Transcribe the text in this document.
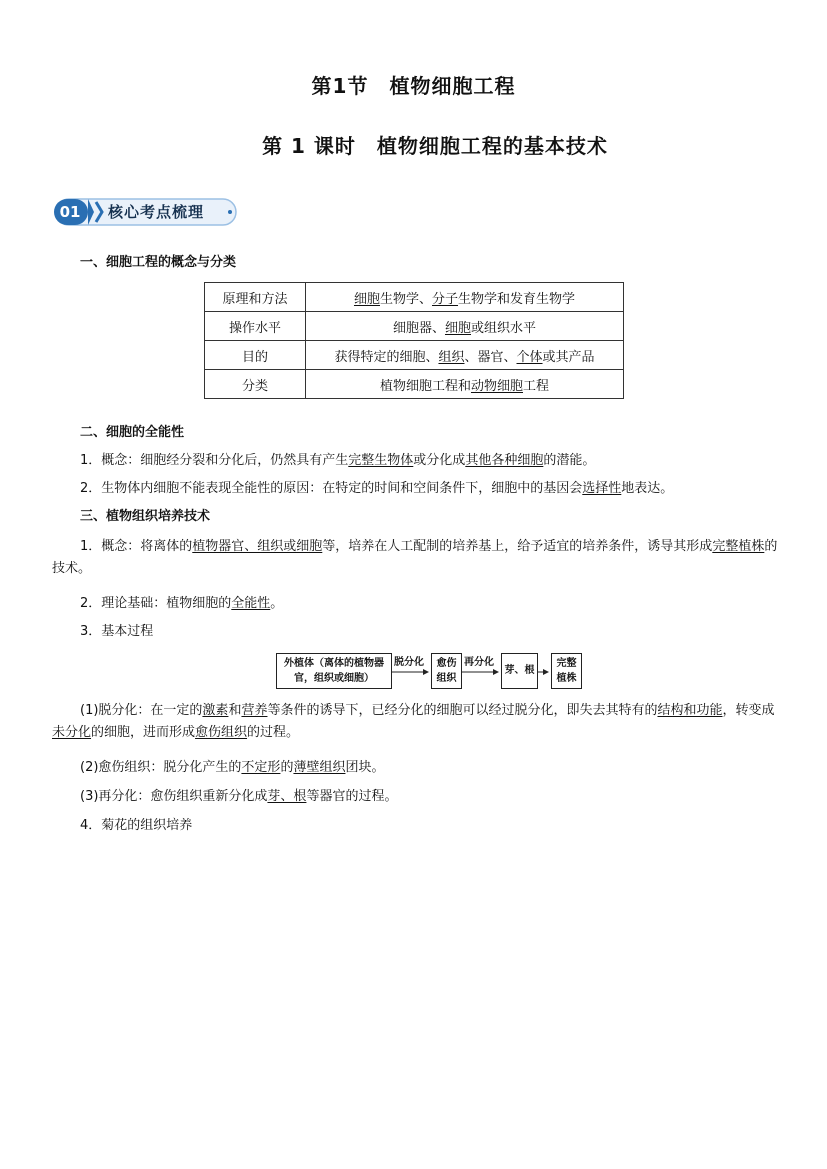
第1节　植物细胞工程
第 1 课时　植物细胞工程的基本技术
01	核心考点梳理
一、细胞工程的概念与分类
原理和方法	细胞生物学、分子生物学和发育生物学
操作水平	细胞器、细胞或组织水平
目的	获得特定的细胞、组织、器官、个体或其产品
分类	植物细胞工程和动物细胞工程
二、细胞的全能性
1．概念：细胞经分裂和分化后，仍然具有产生完整生物体或分化成其他各种细胞的潜能。
2．生物体内细胞不能表现全能性的原因：在特定的时间和空间条件下，细胞中的基因会选择性地表达。
三、植物组织培养技术
1．概念：将离体的植物器官、组织或细胞等，培养在人工配制的培养基上，给予适宜的培养条件，诱导其形成完整植株的技术。
2．理论基础：植物细胞的全能性。
3．基本过程
外植体（离体的植物器官，组织或细胞）
脱分化	愈伤组织
再分化
芽、根
完整植株
(1)脱分化：在一定的激素和营养等条件的诱导下，已经分化的细胞可以经过脱分化，即失去其特有的结构和功能，转变成未分化的细胞，进而形成愈伤组织的过程。
(2)愈伤组织：脱分化产生的不定形的薄壁组织团块。
(3)再分化：愈伤组织重新分化成芽、根等器官的过程。
4．菊花的组织培养
